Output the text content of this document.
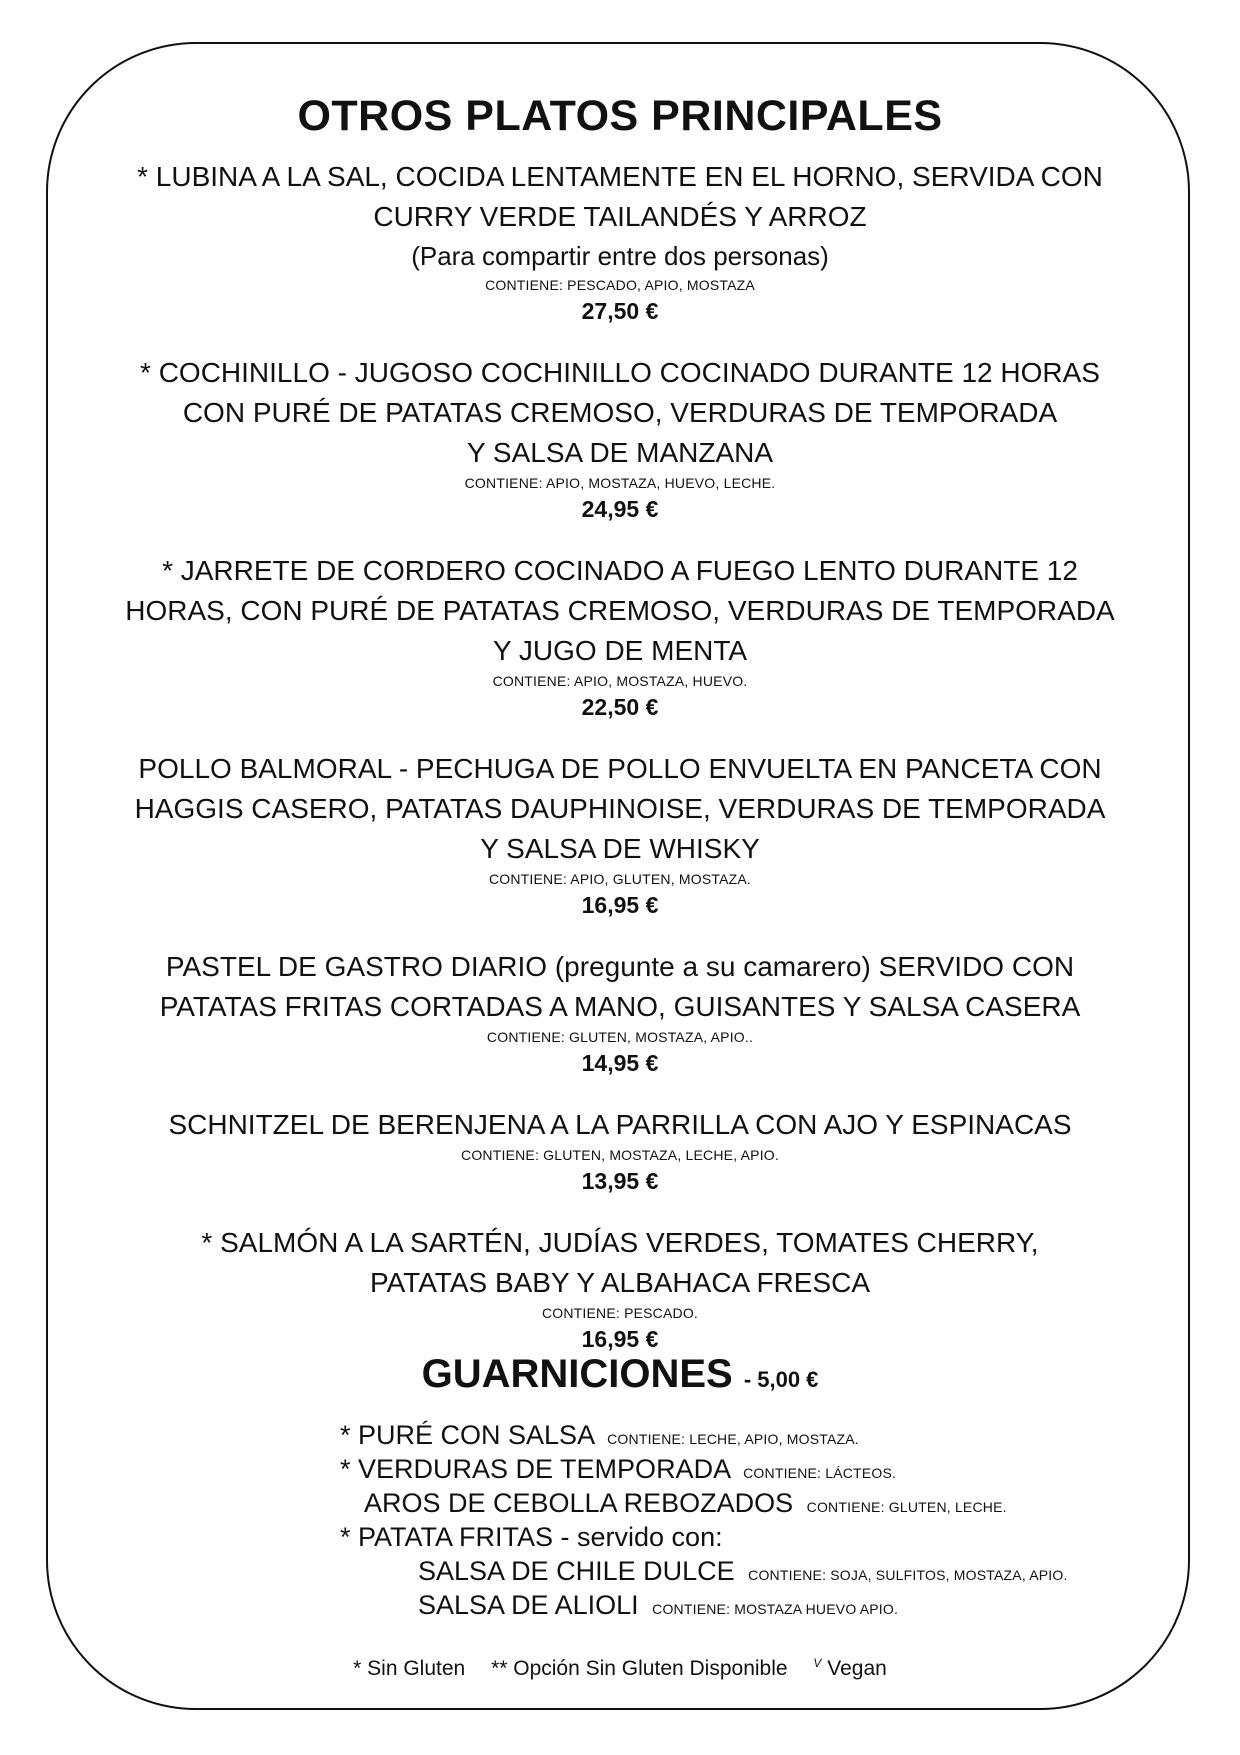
OTROS PLATOS PRINCIPALES
* LUBINA A LA SAL, COCIDA LENTAMENTE EN EL HORNO, SERVIDA CON
CURRY VERDE TAILANDÉS Y ARROZ
(Para compartir entre dos personas)
CONTIENE: PESCADO, APIO, MOSTAZA
27,50 €
* COCHINILLO - JUGOSO COCHINILLO COCINADO DURANTE 12 HORAS
CON PURÉ DE PATATAS CREMOSO, VERDURAS DE TEMPORADA
Y SALSA DE MANZANA
CONTIENE: APIO, MOSTAZA, HUEVO, LECHE.
24,95 €
* JARRETE DE CORDERO COCINADO A FUEGO LENTO DURANTE 12
HORAS, CON PURÉ DE PATATAS CREMOSO, VERDURAS DE TEMPORADA
Y JUGO DE MENTA
CONTIENE: APIO, MOSTAZA, HUEVO.
22,50 €
POLLO BALMORAL - PECHUGA DE POLLO ENVUELTA EN PANCETA CON
HAGGIS CASERO, PATATAS DAUPHINOISE, VERDURAS DE TEMPORADA
Y SALSA DE WHISKY
CONTIENE: APIO, GLUTEN, MOSTAZA.
16,95 €
PASTEL DE GASTRO DIARIO (pregunte a su camarero) SERVIDO CON
PATATAS FRITAS CORTADAS A MANO, GUISANTES Y SALSA CASERA
CONTIENE: GLUTEN, MOSTAZA, APIO..
14,95 €
SCHNITZEL DE BERENJENA A LA PARRILLA CON AJO Y ESPINACAS
CONTIENE: GLUTEN, MOSTAZA, LECHE, APIO.
13,95 €
* SALMÓN A LA SARTÉN, JUDÍAS VERDES, TOMATES CHERRY,
PATATAS BABY Y ALBAHACA FRESCA
CONTIENE: PESCADO.
16,95 €
GUARNICIONES - 5,00 €
* PURÉ CON SALSA CONTIENE: LECHE, APIO, MOSTAZA.
* VERDURAS DE TEMPORADA CONTIENE: LÁCTEOS.
AROS DE CEBOLLA REBOZADOS CONTIENE: GLUTEN, LECHE.
* PATATA FRITAS - servido con:
SALSA DE CHILE DULCE CONTIENE: SOJA, SULFITOS, MOSTAZA, APIO.
SALSA DE ALIOLI CONTIENE: MOSTAZA HUEVO APIO.
* Sin Gluten ** Opción Sin Gluten Disponible $^V$ Vegan
